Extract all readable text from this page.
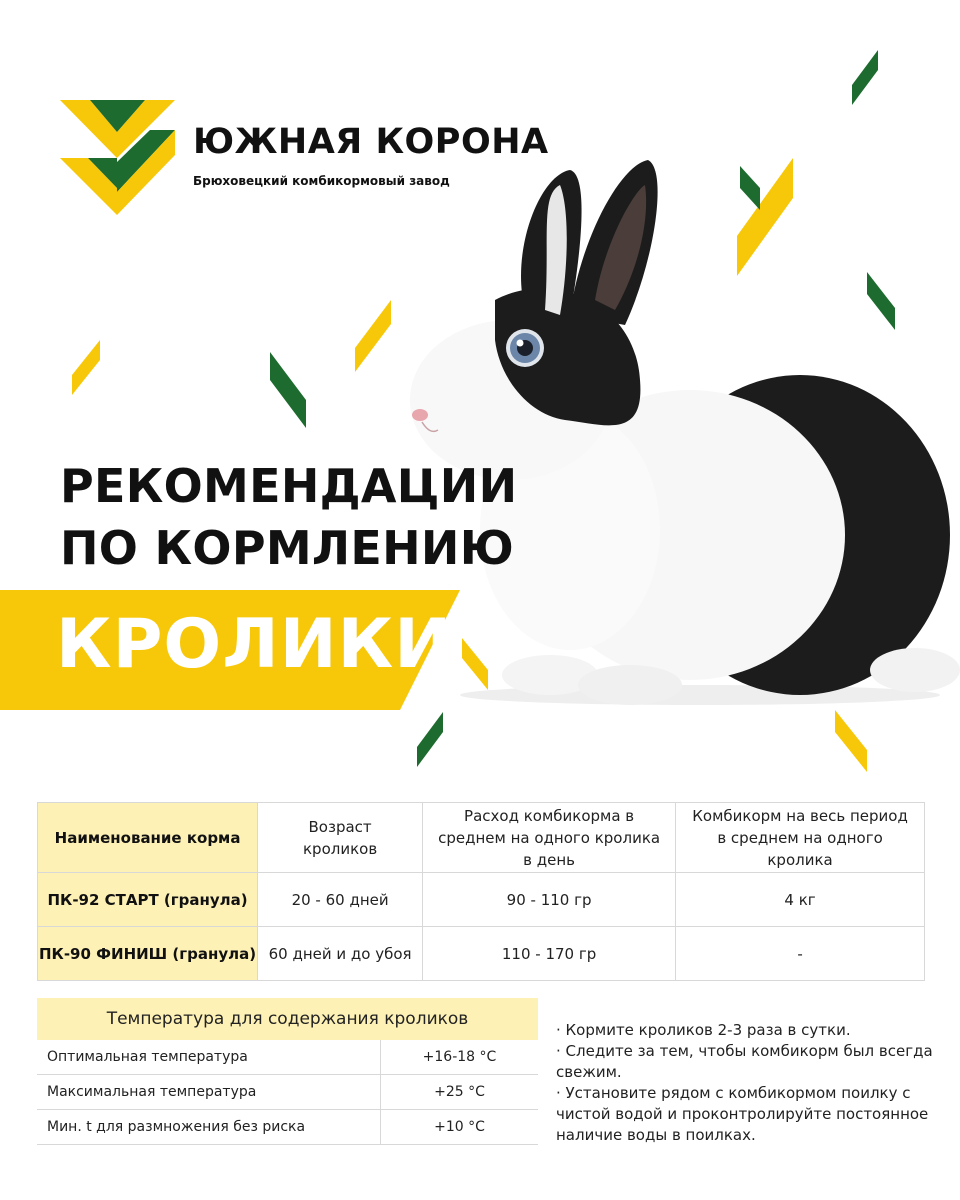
ЮЖНАЯ КОРОНА
Брюховецкий комбикормовый завод
РЕКОМЕНДАЦИИ
ПО КОРМЛЕНИЮ
КРОЛИКИ
Наименование корма	Возраст кроликов	Расход комбикорма в среднем на одного кролика в день	Комбикорм на весь период в среднем на одного кролика

ПК-92 СТАРТ (гранула)	20 - 60 дней	90 - 110 гр	4 кг
ПК-90 ФИНИШ (гранула)	60 дней и до убоя	110 - 170 гр	-
Температура для содержания кроликов
Оптимальная температура	+16-18 °С
Максимальная температура	+25 °С
Мин. t для размножения без риска	+10 °С

· Кормите кроликов 2-3 раза в сутки.

· Следите за тем, чтобы комбикорм был всегда свежим.

· Установите рядом с комбикормом поилку с чистой водой и проконтролируйте постоянное наличие воды в поилках.
